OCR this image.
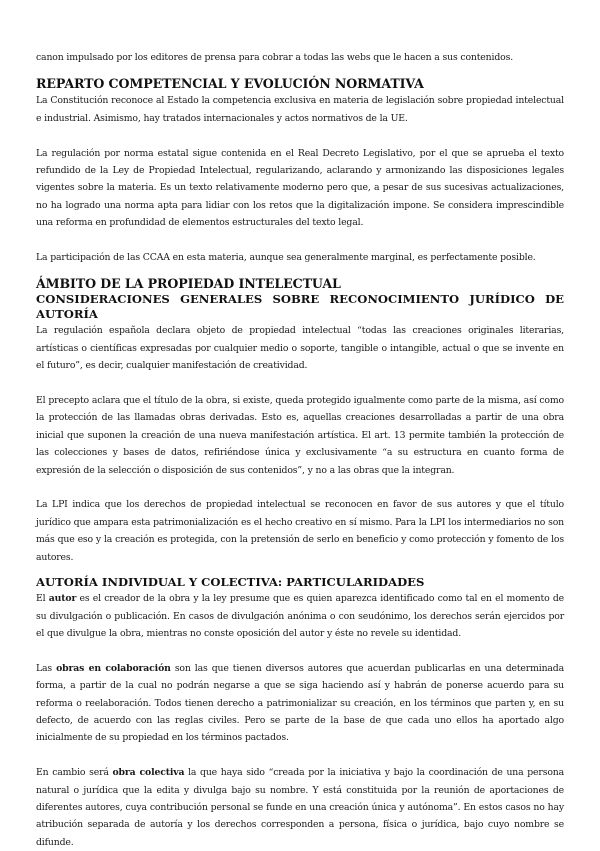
canon impulsado por los editores de prensa para cobrar a todas las webs que le hacen a sus contenidos.

REPARTO COMPETENCIAL Y EVOLUCIÓN NORMATIVA

La Constitución reconoce al Estado la competencia exclusiva en materia de legislación sobre propiedad intelectual e industrial. Asimismo, hay tratados internacionales y actos normativos de la UE.

La regulación por norma estatal sigue contenida en el Real Decreto Legislativo, por el que se aprueba el texto refundido de la Ley de Propiedad Intelectual, regularizando, aclarando y armonizando las disposiciones legales vigentes sobre la materia. Es un texto relativamente moderno pero que, a pesar de sus sucesivas actualizaciones, no ha logrado una norma apta para lidiar con los retos que la digitalización impone. Se considera imprescindible una reforma en profundidad de elementos estructurales del texto legal.

La participación de las CCAA en esta materia, aunque sea generalmente marginal, es perfectamente posible.

ÁMBITO DE LA PROPIEDAD INTELECTUAL
CONSIDERACIONES GENERALES SOBRE RECONOCIMIENTO JURÍDICO DE AUTORÍA

La regulación española declara objeto de propiedad intelectual “todas las creaciones originales literarias, artísticas o científicas expresadas por cualquier medio o soporte, tangible o intangible, actual o que se invente en el futuro”, es decir, cualquier manifestación de creatividad.

El precepto aclara que el título de la obra, si existe, queda protegido igualmente como parte de la misma, así como la protección de las llamadas obras derivadas. Esto es, aquellas creaciones desarrolladas a partir de una obra inicial que suponen la creación de una nueva manifestación artística. El art. 13 permite también la protección de las colecciones y bases de datos, refiriéndose única y exclusivamente “a su estructura en cuanto forma de expresión de la selección o disposición de sus contenidos”, y no a las obras que la integran.

La LPI indica que los derechos de propiedad intelectual se reconocen en favor de sus autores y que el título jurídico que ampara esta patrimonialización es el hecho creativo en sí mismo. Para la LPI los intermediarios no son más que eso y la creación es protegida, con la pretensión de serlo en beneficio y como protección y fomento de los autores.

AUTORÍA INDIVIDUAL Y COLECTIVA: PARTICULARIDADES

El autor es el creador de la obra y la ley presume que es quien aparezca identificado como tal en el momento de su divulgación o publicación. En casos de divulgación anónima o con seudónimo, los derechos serán ejercidos por el que divulgue la obra, mientras no conste oposición del autor y éste no revele su identidad.

Las obras en colaboración son las que tienen diversos autores que acuerdan publicarlas en una determinada forma, a partir de la cual no podrán negarse a que se siga haciendo así y habrán de ponerse acuerdo para su reforma o reelaboración. Todos tienen derecho a patrimonializar su creación, en los términos que parten y, en su defecto, de acuerdo con las reglas civiles. Pero se parte de la base de que cada uno ellos ha aportado algo inicialmente de su propiedad en los términos pactados.

En cambio será obra colectiva la que haya sido “creada por la iniciativa y bajo la coordinación de una persona natural o jurídica que la edita y divulga bajo su nombre. Y está constituida por la reunión de aportaciones de diferentes autores, cuya contribución personal se funde en una creación única y autónoma”. En estos casos no hay atribución separada de autoría y los derechos corresponden a persona, física o jurídica, bajo cuyo nombre se difunde.
